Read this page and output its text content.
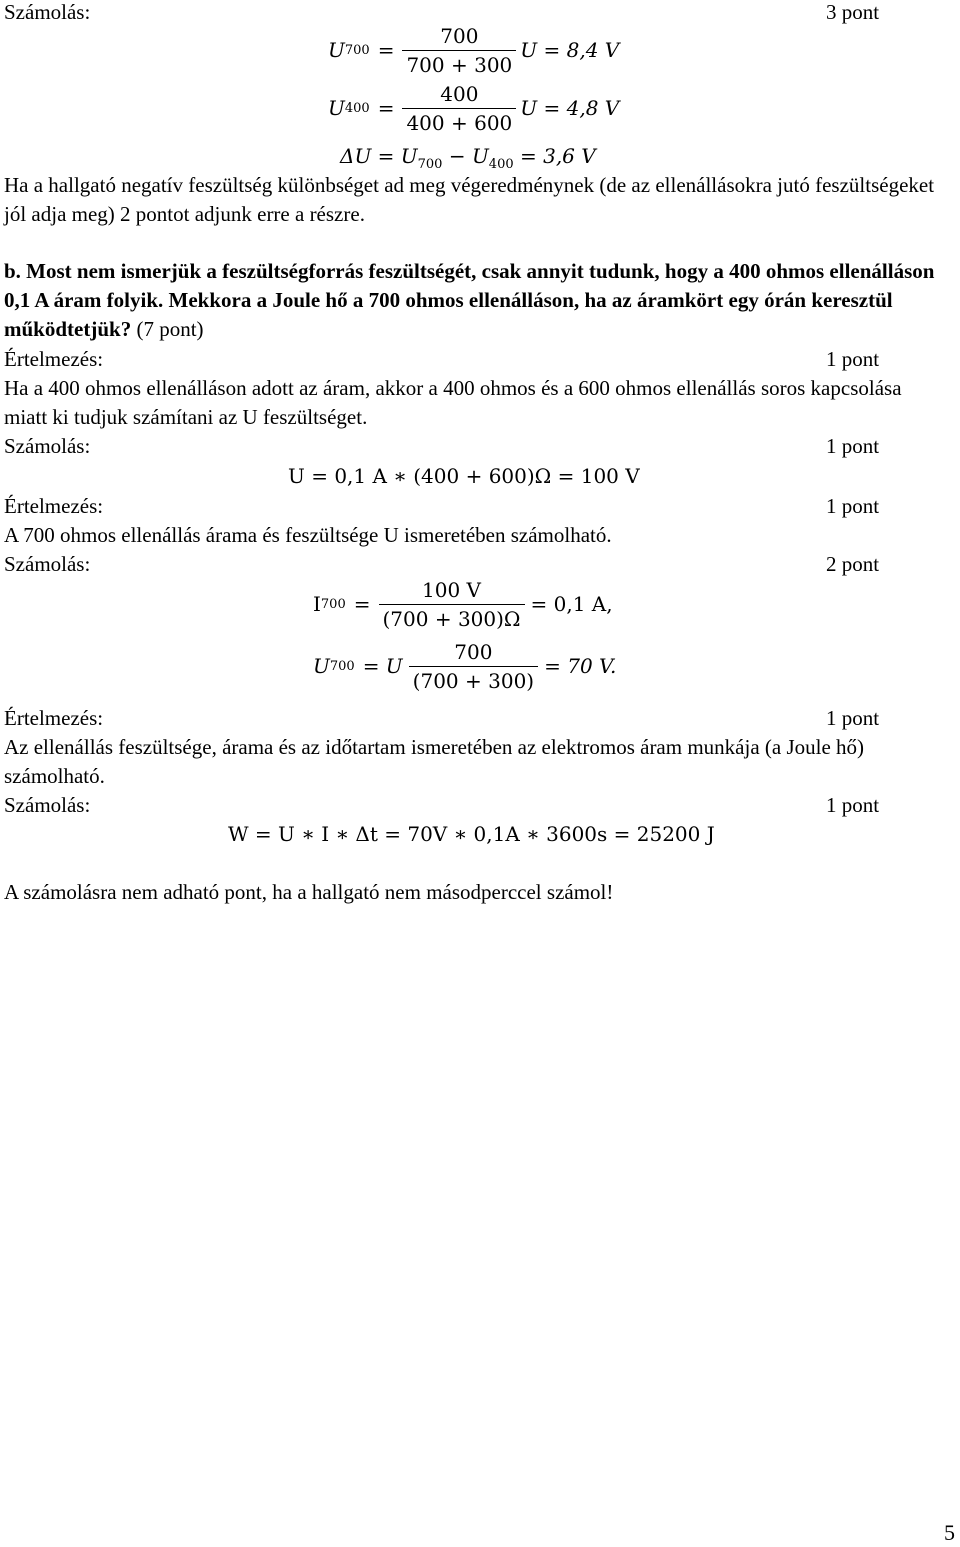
Számolás:	3 pont
U $700 = \frac{700}{700 + 300}$ U = 8,4 V
U $400 = \frac{400}{400 + 600}$ U = 4,8 V
$\Delta U = U_{700} - U_{400} = 3,6$ V

Ha a hallgató negatív feszültség különbséget ad meg végeredménynek (de az ellenállásokra jutó feszültségeket jól adja meg) 2 pontot adjunk erre a részre.

b. Most nem ismerjük a feszültségforrás feszültségét, csak annyit tudunk, hogy a 400 ohmos ellenálláson 0,1 A áram folyik. Mekkora a Joule hő a 700 ohmos ellenálláson, ha az áramkört egy órán keresztül működtetjük? (7 pont)

Értelmezés:	1 pont

Ha a 400 ohmos ellenálláson adott az áram, akkor a 400 ohmos és a 600 ohmos ellenállás soros kapcsolása miatt ki tudjuk számítani az U feszültséget.

Számolás:	1 pont
U = 0,1 A ∗ (400 + 600)Ω = 100 V
Értelmezés:	1 pont

A 700 ohmos ellenállás árama és feszültsége U ismeretében számolható.

Számolás:	2 pont
I $700 = \frac{100 V}{(700 + 300)\Omega} = 0,1$ A,
U 700 = U $\frac{700}{(700 + 300)} = 70$ V.
Értelmezés:	1 pont

Az ellenállás feszültsége, árama és az időtartam ismeretében az elektromos áram munkája (a Joule hő) számolható.

Számolás:	1 pont
W = U ∗ I ∗ Δt = 70V ∗ 0,1A ∗ 3600s = 25200 J

A számolásra nem adható pont, ha a hallgató nem másodperccel számol!

5
